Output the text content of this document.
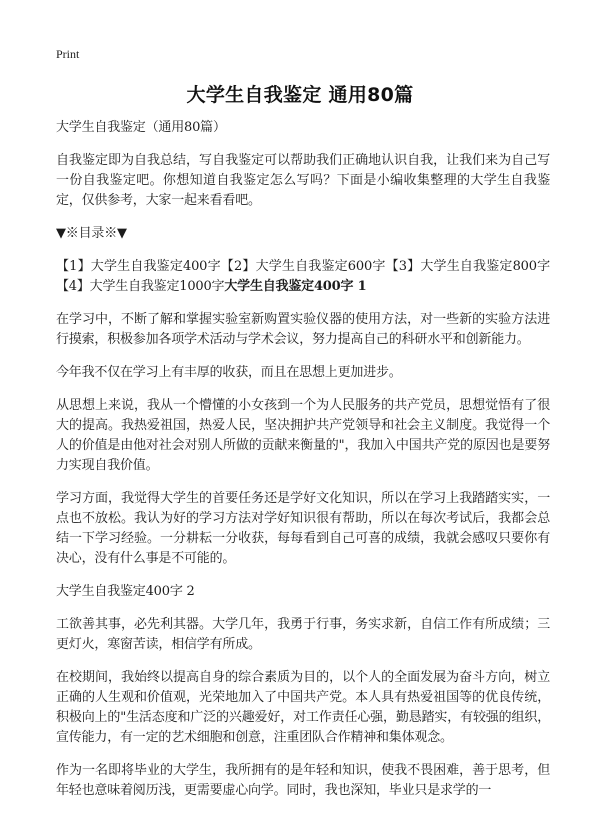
Print
大学生自我鉴定 通用80篇

大学生自我鉴定（通用80篇）

自我鉴定即为自我总结，写自我鉴定可以帮助我们正确地认识自我，让我们来为自己写一份自我鉴定吧。你想知道自我鉴定怎么写吗？下面是小编收集整理的大学生自我鉴定，仅供参考，大家一起来看看吧。

▼※目录※▼

【1】大学生自我鉴定400字【2】大学生自我鉴定600字【3】大学生自我鉴定800字【4】大学生自我鉴定1000字大学生自我鉴定400字 1

在学习中，不断了解和掌握实验室新购置实验仪器的使用方法，对一些新的实验方法进行摸索，积极参加各项学术活动与学术会议，努力提高自己的科研水平和创新能力。

今年我不仅在学习上有丰厚的收获，而且在思想上更加进步。

从思想上来说，我从一个懵懂的小女孩到一个为人民服务的共产党员，思想觉悟有了很大的提高。我热爱祖国，热爱人民，坚决拥护共产党领导和社会主义制度。我觉得一个人的价值是由他对社会对别人所做的贡献来衡量的"，我加入中国共产党的原因也是要努力实现自我价值。

学习方面，我觉得大学生的首要任务还是学好文化知识，所以在学习上我踏踏实实，一点也不放松。我认为好的学习方法对学好知识很有帮助，所以在每次考试后，我都会总结一下学习经验。一分耕耘一分收获，每每看到自己可喜的成绩，我就会感叹只要你有决心，没有什么事是不可能的。

大学生自我鉴定400字 2

工欲善其事，必先利其器。大学几年，我勇于行事，务实求新，自信工作有所成绩；三更灯火，寒窗苦读，相信学有所成。

在校期间，我始终以提高自身的综合素质为目的，以个人的全面发展为奋斗方向，树立正确的人生观和价值观，光荣地加入了中国共产党。本人具有热爱祖国等的优良传统，积极向上的"生活态度和广泛的兴趣爱好，对工作责任心强，勤恳踏实，有较强的组织，宣传能力，有一定的艺术细胞和创意，注重团队合作精神和集体观念。

作为一名即将毕业的大学生，我所拥有的是年轻和知识，使我不畏困难，善于思考，但年轻也意味着阅历浅，更需要虚心向学。同时，我也深知，毕业只是求学的一
